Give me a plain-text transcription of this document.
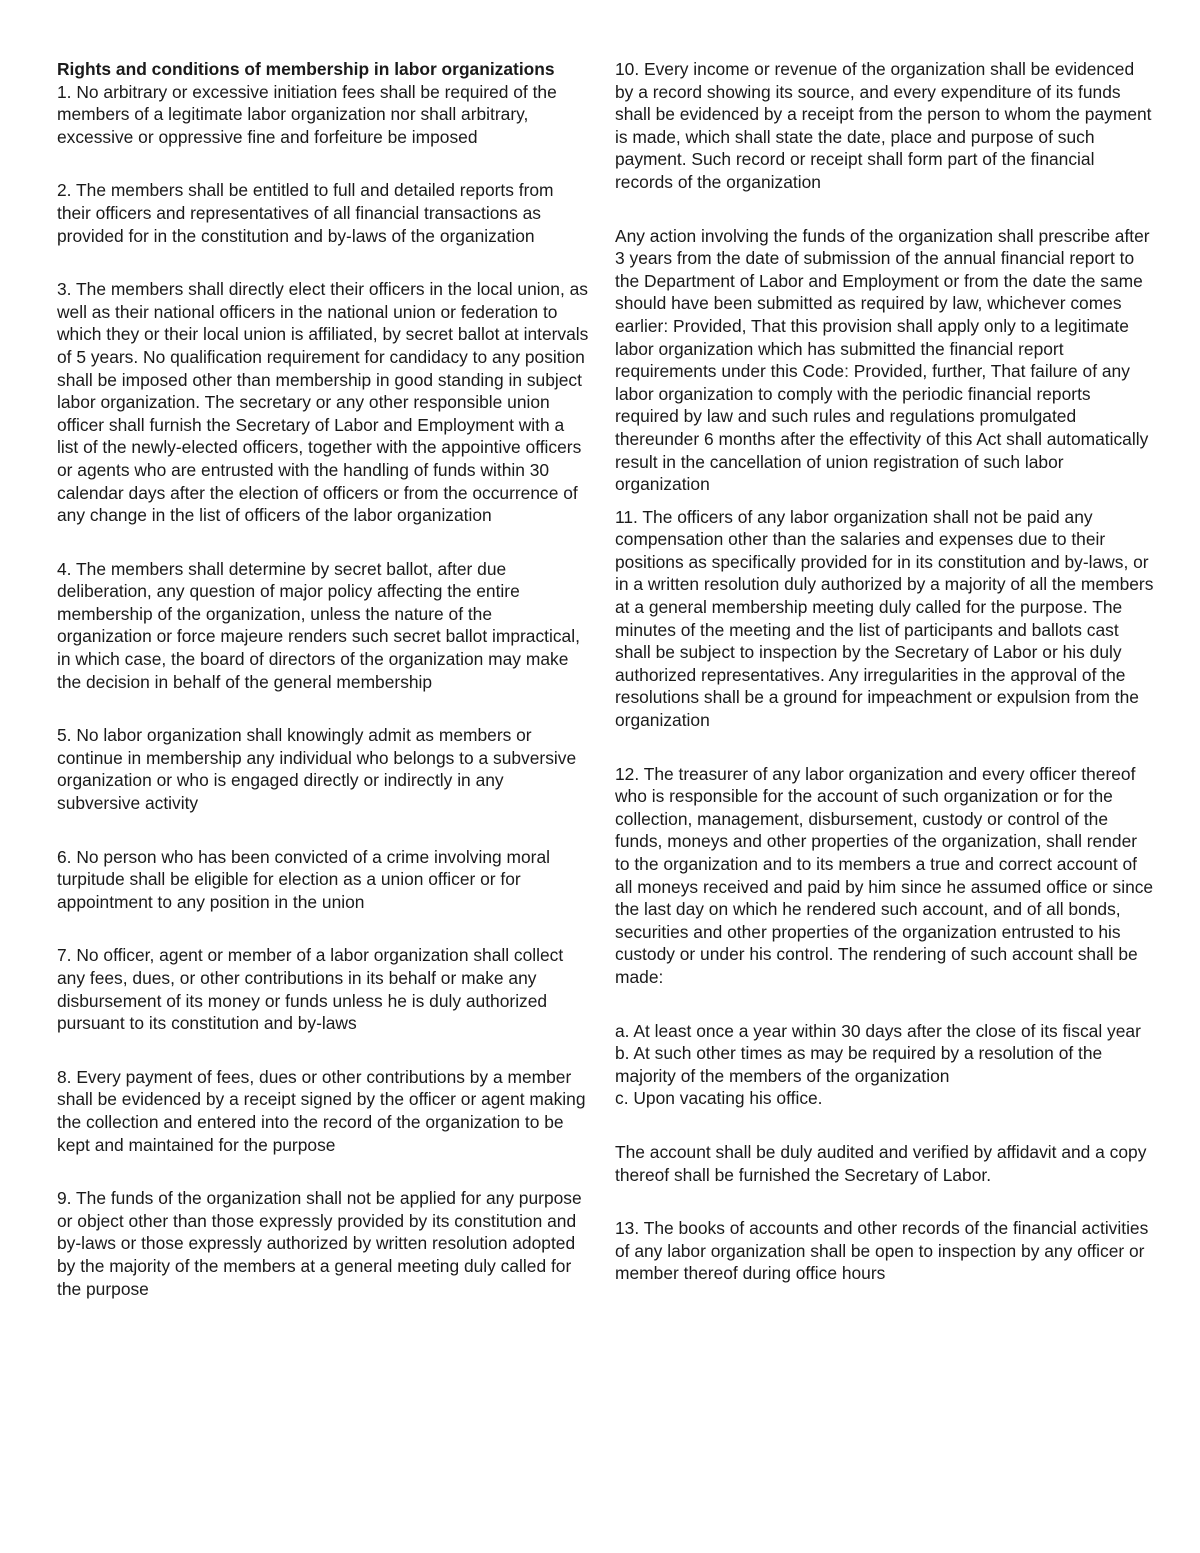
Rights and conditions of membership in labor organizations

1. No arbitrary or excessive initiation fees shall be required of the members of a legitimate labor organization nor shall arbitrary, excessive or oppressive fine and forfeiture be imposed

2. The members shall be entitled to full and detailed reports from their officers and representatives of all financial transactions as provided for in the constitution and by-laws of the organization

3. The members shall directly elect their officers in the local union, as well as their national officers in the national union or federation to which they or their local union is affiliated, by secret ballot at intervals of 5 years. No qualification requirement for candidacy to any position shall be imposed other than membership in good standing in subject labor organization. The secretary or any other responsible union officer shall furnish the Secretary of Labor and Employment with a list of the newly-elected officers, together with the appointive officers or agents who are entrusted with the handling of funds within 30 calendar days after the election of officers or from the occurrence of any change in the list of officers of the labor organization

4. The members shall determine by secret ballot, after due deliberation, any question of major policy affecting the entire membership of the organization, unless the nature of the organization or force majeure renders such secret ballot impractical, in which case, the board of directors of the organization may make the decision in behalf of the general membership

5. No labor organization shall knowingly admit as members or continue in membership any individual who belongs to a subversive organization or who is engaged directly or indirectly in any subversive activity

6. No person who has been convicted of a crime involving moral turpitude shall be eligible for election as a union officer or for appointment to any position in the union

7. No officer, agent or member of a labor organization shall collect any fees, dues, or other contributions in its behalf or make any disbursement of its money or funds unless he is duly authorized pursuant to its constitution and by-laws

8. Every payment of fees, dues or other contributions by a member shall be evidenced by a receipt signed by the officer or agent making the collection and entered into the record of the organization to be kept and maintained for the purpose

9. The funds of the organization shall not be applied for any purpose or object other than those expressly provided by its constitution and by-laws or those expressly authorized by written resolution adopted by the majority of the members at a general meeting duly called for the purpose

10. Every income or revenue of the organization shall be evidenced by a record showing its source, and every expenditure of its funds shall be evidenced by a receipt from the person to whom the payment is made, which shall state the date, place and purpose of such payment. Such record or receipt shall form part of the financial records of the organization

Any action involving the funds of the organization shall prescribe after 3 years from the date of submission of the annual financial report to the Department of Labor and Employment or from the date the same should have been submitted as required by law, whichever comes earlier: Provided, That this provision shall apply only to a legitimate labor organization which has submitted the financial report requirements under this Code: Provided, further, That failure of any labor organization to comply with the periodic financial reports required by law and such rules and regulations promulgated thereunder 6 months after the effectivity of this Act shall automatically result in the cancellation of union registration of such labor organization

11. The officers of any labor organization shall not be paid any compensation other than the salaries and expenses due to their positions as specifically provided for in its constitution and by-laws, or in a written resolution duly authorized by a majority of all the members at a general membership meeting duly called for the purpose. The minutes of the meeting and the list of participants and ballots cast shall be subject to inspection by the Secretary of Labor or his duly authorized representatives. Any irregularities in the approval of the resolutions shall be a ground for impeachment or expulsion from the organization

12. The treasurer of any labor organization and every officer thereof who is responsible for the account of such organization or for the collection, management, disbursement, custody or control of the funds, moneys and other properties of the organization, shall render to the organization and to its members a true and correct account of all moneys received and paid by him since he assumed office or since the last day on which he rendered such account, and of all bonds, securities and other properties of the organization entrusted to his custody or under his control. The rendering of such account shall be made:

a. At least once a year within 30 days after the close of its fiscal year

b. At such other times as may be required by a resolution of the majority of the members of the organization

c. Upon vacating his office.

The account shall be duly audited and verified by affidavit and a copy thereof shall be furnished the Secretary of Labor.

13. The books of accounts and other records of the financial activities of any labor organization shall be open to inspection by any officer or member thereof during office hours
